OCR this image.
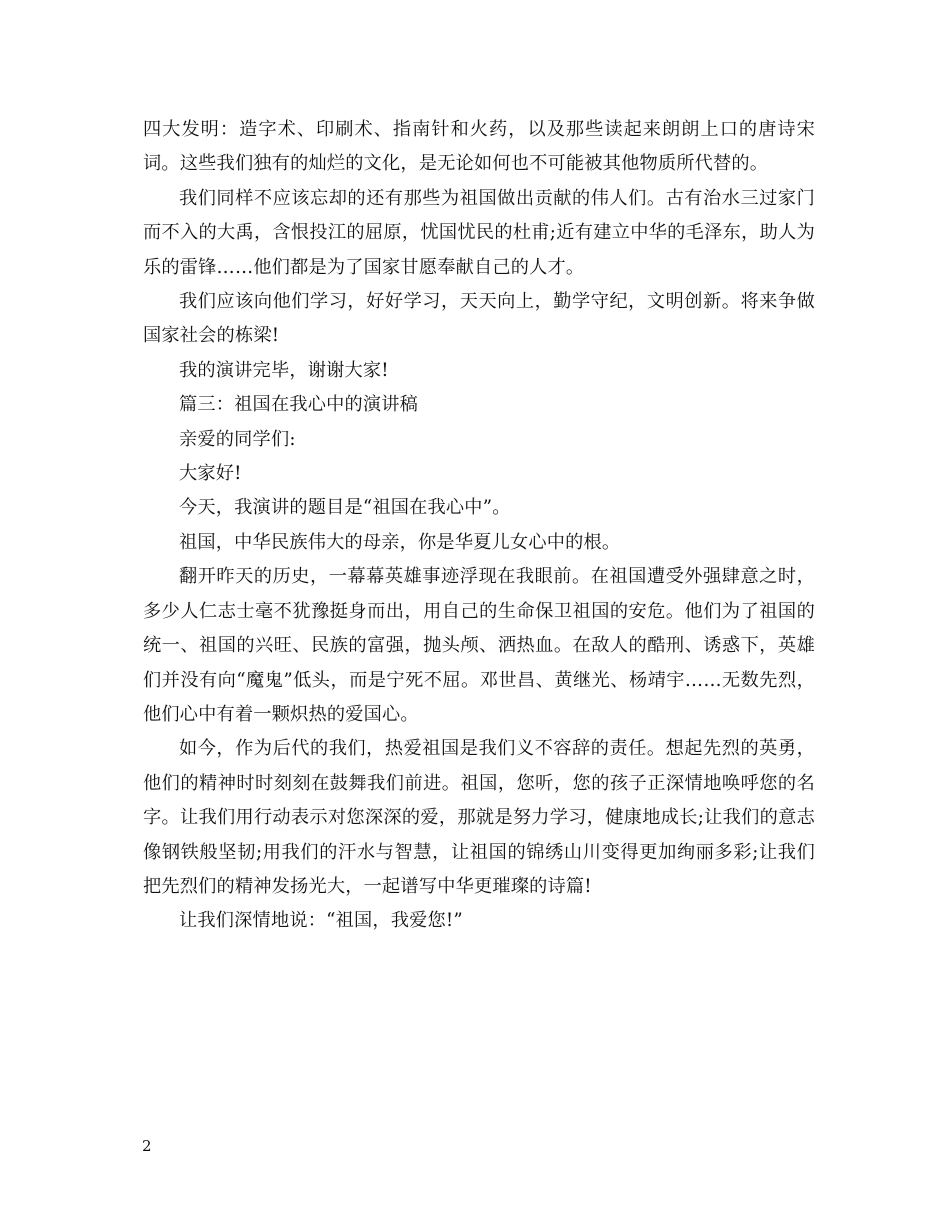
四大发明：造字术、印刷术、指南针和火药，以及那些读起来朗朗上口的唐诗宋词。这些我们独有的灿烂的文化，是无论如何也不可能被其他物质所代替的。

我们同样不应该忘却的还有那些为祖国做出贡献的伟人们。古有治水三过家门而不入的大禹，含恨投江的屈原，忧国忧民的杜甫;近有建立中华的毛泽东，助人为乐的雷锋……他们都是为了国家甘愿奉献自己的人才。

我们应该向他们学习，好好学习，天天向上，勤学守纪，文明创新。将来争做国家社会的栋梁!

我的演讲完毕，谢谢大家!

篇三：祖国在我心中的演讲稿

亲爱的同学们:

大家好!

今天，我演讲的题目是“祖国在我心中”。

祖国，中华民族伟大的母亲，你是华夏儿女心中的根。

翻开昨天的历史，一幕幕英雄事迹浮现在我眼前。在祖国遭受外强肆意之时，多少人仁志士毫不犹豫挺身而出，用自己的生命保卫祖国的安危。他们为了祖国的统一、祖国的兴旺、民族的富强，抛头颅、洒热血。在敌人的酷刑、诱惑下，英雄们并没有向“魔鬼”低头，而是宁死不屈。邓世昌、黄继光、杨靖宇……无数先烈，他们心中有着一颗炽热的爱国心。

如今，作为后代的我们，热爱祖国是我们义不容辞的责任。想起先烈的英勇，他们的精神时时刻刻在鼓舞我们前进。祖国，您听，您的孩子正深情地唤呼您的名字。让我们用行动表示对您深深的爱，那就是努力学习，健康地成长;让我们的意志像钢铁般坚韧;用我们的汗水与智慧，让祖国的锦绣山川变得更加绚丽多彩;让我们把先烈们的精神发扬光大，一起谱写中华更璀璨的诗篇!

让我们深情地说：“祖国，我爱您!”

2
